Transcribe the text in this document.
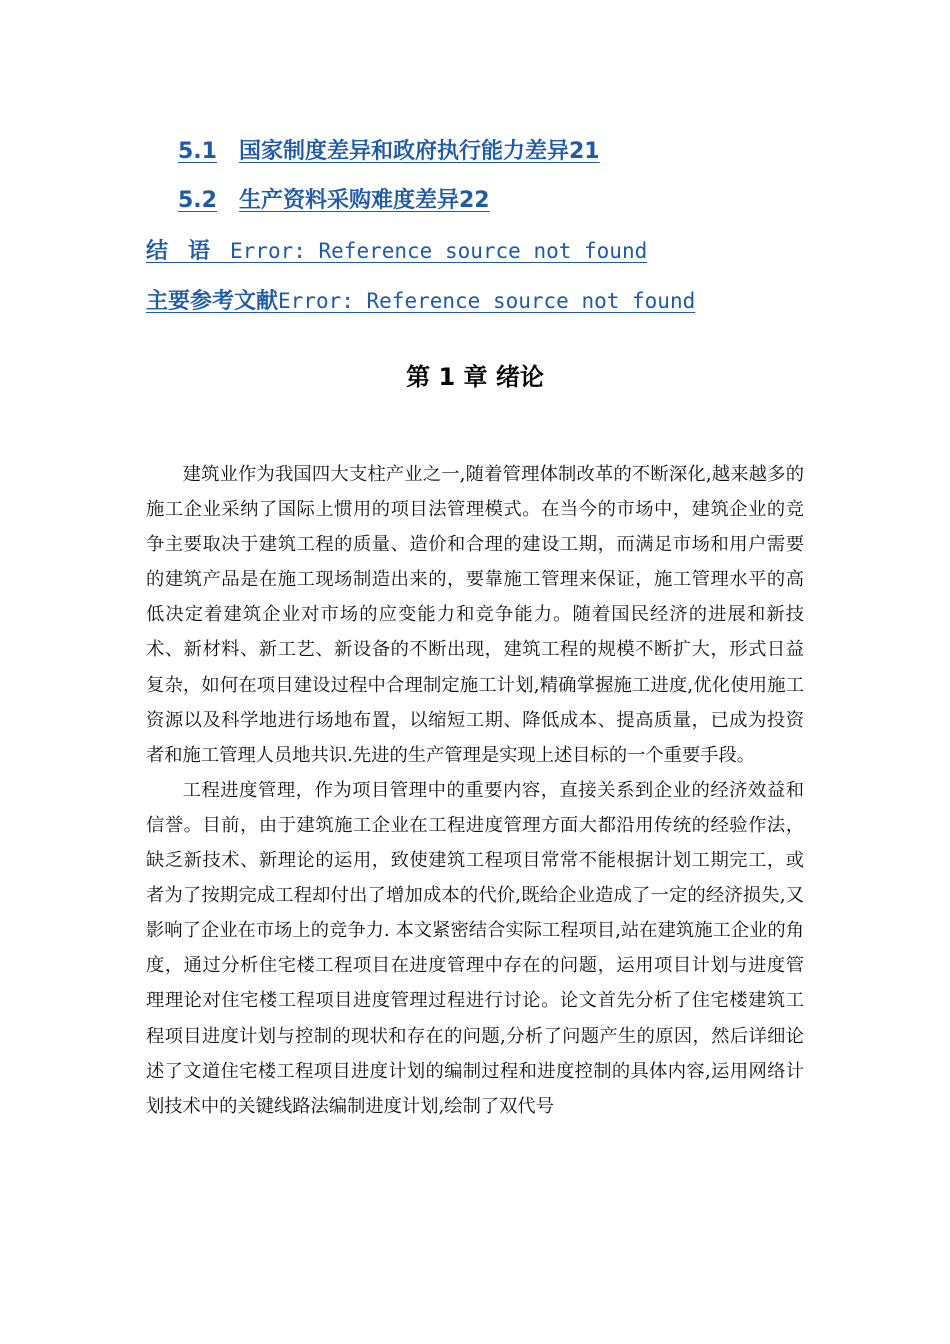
5.1 国家制度差异和政府执行能力差异21
5.2 生产资料采购难度差异22
结语Error: Reference source not found
主要参考文献Error: Reference source not found
第 1 章 绪论

建筑业作为我国四大支柱产业之一,随着管理体制改革的不断深化,越来越多的施工企业采纳了国际上惯用的项目法管理模式。在当今的市场中，建筑企业的竞争主要取决于建筑工程的质量、造价和合理的建设工期，而满足市场和用户需要的建筑产品是在施工现场制造出来的，要靠施工管理来保证，施工管理水平的高低决定着建筑企业对市场的应变能力和竞争能力。随着国民经济的进展和新技术、新材料、新工艺、新设备的不断出现，建筑工程的规模不断扩大，形式日益复杂，如何在项目建设过程中合理制定施工计划,精确掌握施工进度,优化使用施工资源以及科学地进行场地布置，以缩短工期、降低成本、提高质量，已成为投资者和施工管理人员地共识.先进的生产管理是实现上述目标的一个重要手段。

工程进度管理，作为项目管理中的重要内容，直接关系到企业的经济效益和信誉。目前，由于建筑施工企业在工程进度管理方面大都沿用传统的经验作法，缺乏新技术、新理论的运用，致使建筑工程项目常常不能根据计划工期完工，或者为了按期完成工程却付出了增加成本的代价,既给企业造成了一定的经济损失,又影响了企业在市场上的竞争力. 本文紧密结合实际工程项目,站在建筑施工企业的角度，通过分析住宅楼工程项目在进度管理中存在的问题，运用项目计划与进度管理理论对住宅楼工程项目进度管理过程进行讨论。论文首先分析了住宅楼建筑工程项目进度计划与控制的现状和存在的问题,分析了问题产生的原因，然后详细论述了文道住宅楼工程项目进度计划的编制过程和进度控制的具体内容,运用网络计划技术中的关键线路法编制进度计划,绘制了双代号
